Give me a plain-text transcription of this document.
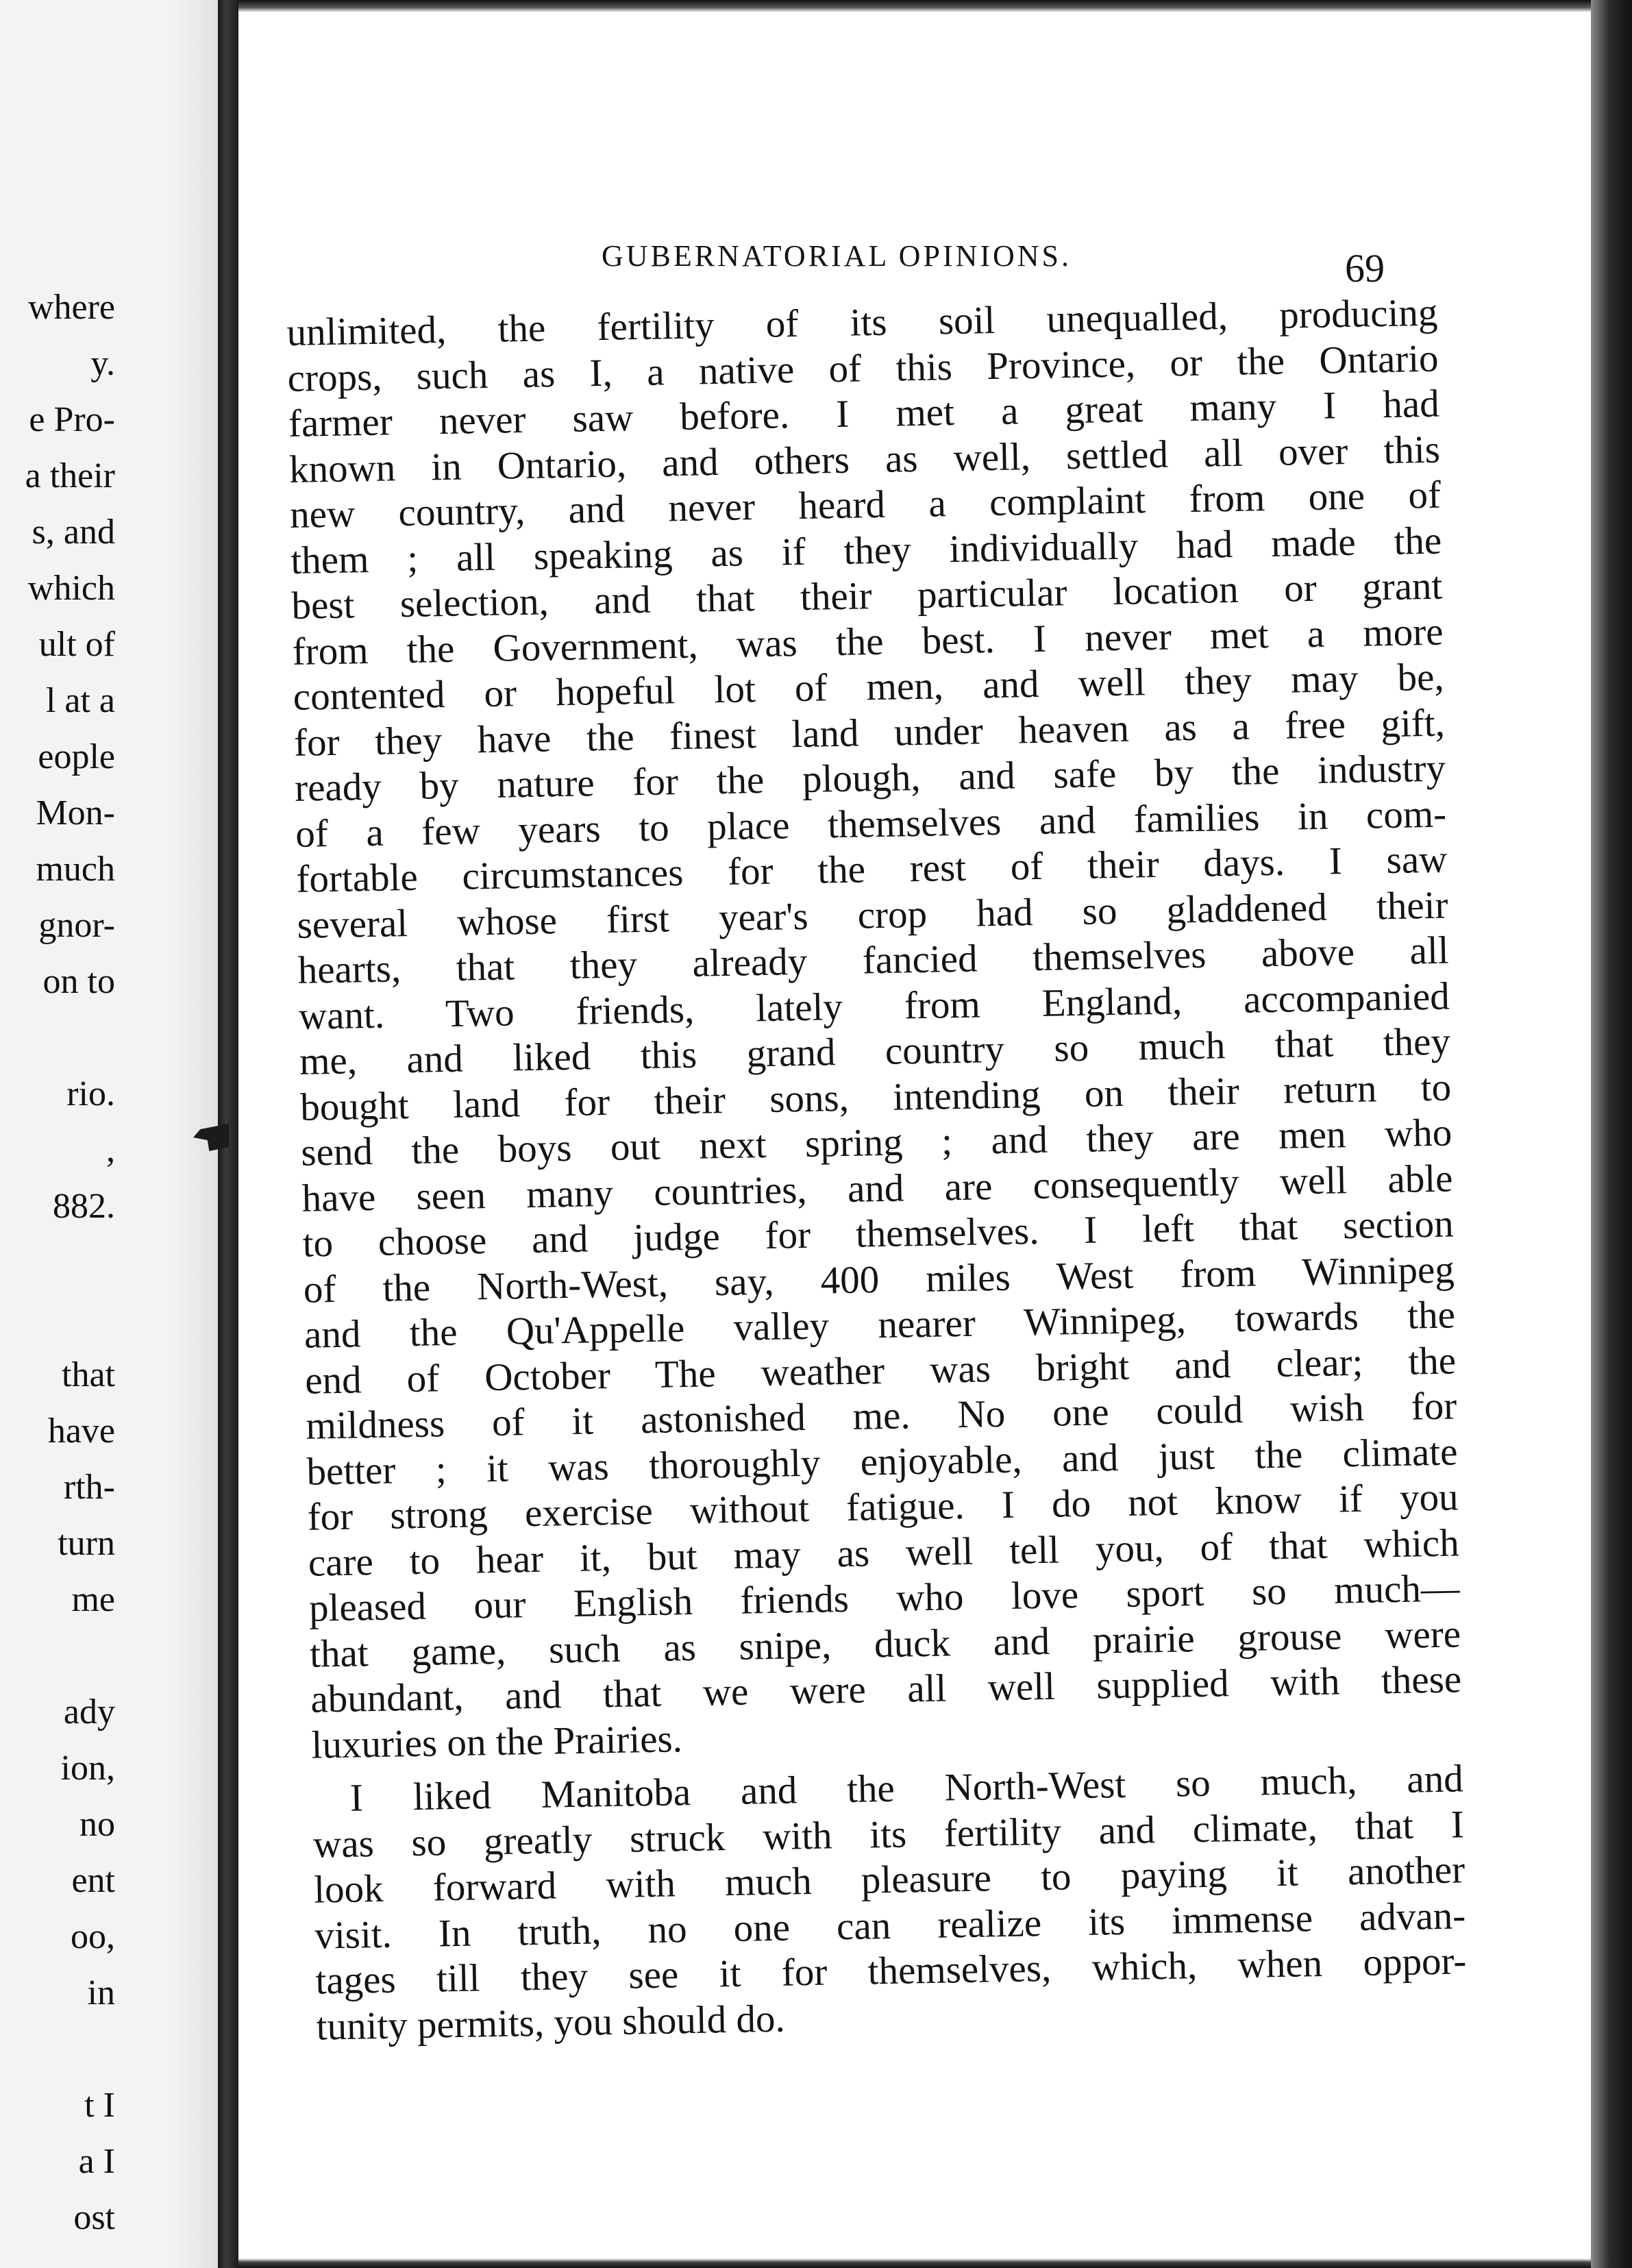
where
y.
e Pro-
a their
s, and
which
ult of
l at a
eople
Mon-
much
gnor-
on to
rio.
,
882.
that
have
rth-
turn
me
ady
ion,
no
ent
oo,
in
t I
a I
ost
GUBERNATORIAL OPINIONS.	69
unlimited, the fertility of its soil unequalled, producing
crops, such as I, a native of this Province, or the Ontario
farmer never saw before. I met a great many I had
known in Ontario, and others as well, settled all over this
new country, and never heard a complaint from one of
them ; all speaking as if they individually had made the
best selection, and that their particular location or grant
from the Government, was the best. I never met a more
contented or hopeful lot of men, and well they may be,
for they have the finest land under heaven as a free gift,
ready by nature for the plough, and safe by the industry
of a few years to place themselves and families in com-
fortable circumstances for the rest of their days. I saw
several whose first year's crop had so gladdened their
hearts, that they already fancied themselves above all
want. Two friends, lately from England, accompanied
me, and liked this grand country so much that they
bought land for their sons, intending on their return to
send the boys out next spring ; and they are men who
have seen many countries, and are consequently well able
to choose and judge for themselves. I left that section
of the North-West, say, 400 miles West from Winnipeg
and the Qu'Appelle valley nearer Winnipeg, towards the
end of October The weather was bright and clear; the
mildness of it astonished me. No one could wish for
better ; it was thoroughly enjoyable, and just the climate
for strong exercise without fatigue. I do not know if you
care to hear it, but may as well tell you, of that which
pleased our English friends who love sport so much—
that game, such as snipe, duck and prairie grouse were
abundant, and that we were all well supplied with these
luxuries on the Prairies.
I liked Manitoba and the North-West so much, and
was so greatly struck with its fertility and climate, that I
look forward with much pleasure to paying it another
visit. In truth, no one can realize its immense advan-
tages till they see it for themselves, which, when oppor-
tunity permits, you should do.
